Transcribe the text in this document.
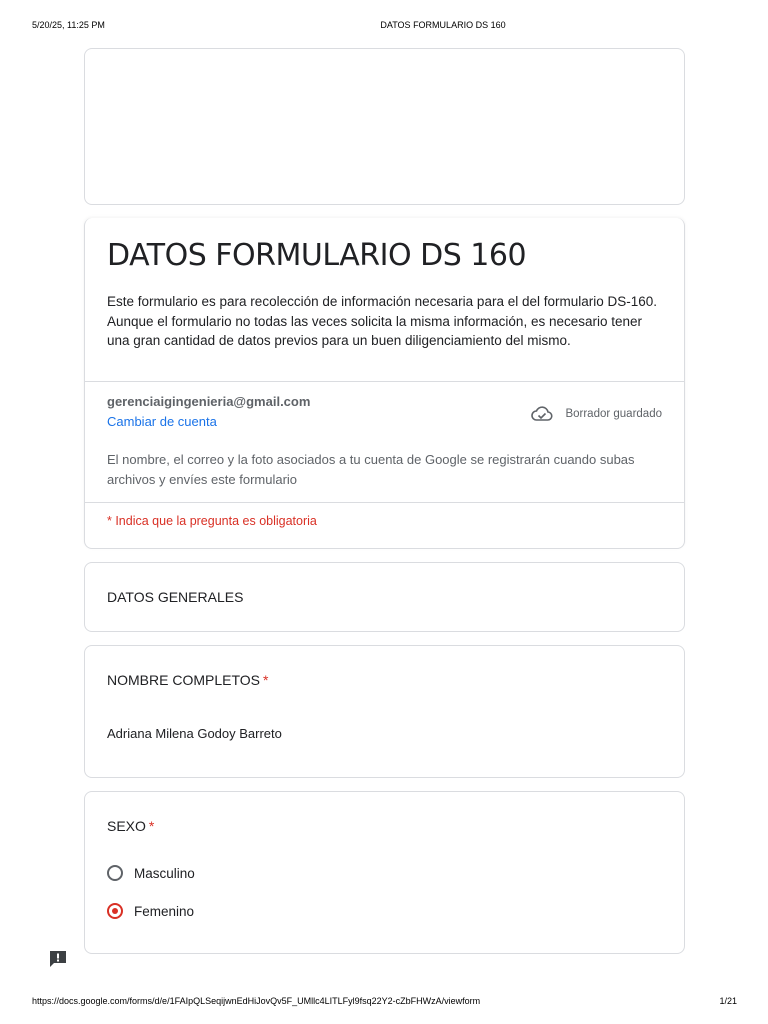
5/20/25, 11:25 PM	DATOS FORMULARIO DS 160
DATOS FORMULARIO DS 160
Este formulario es para recolección de información necesaria para el del formulario DS-160.
Aunque el formulario no todas las veces solicita la misma información, es necesario tener una gran cantidad de datos previos para un buen diligenciamiento del mismo.
gerenciaigingenieria@gmail.com
Cambiar de cuenta	Borrador guardado
El nombre, el correo y la foto asociados a tu cuenta de Google se registrarán cuando subas archivos y envíes este formulario
* Indica que la pregunta es obligatoria
DATOS GENERALES
NOMBRE COMPLETOS *
Adriana Milena Godoy Barreto
SEXO *
Masculino
Femenino
https://docs.google.com/forms/d/e/1FAIpQLSeqijwnEdHiJovQv5F_UMllc4LITLFyl9fsq22Y2-cZbFHWzA/viewform	1/21
